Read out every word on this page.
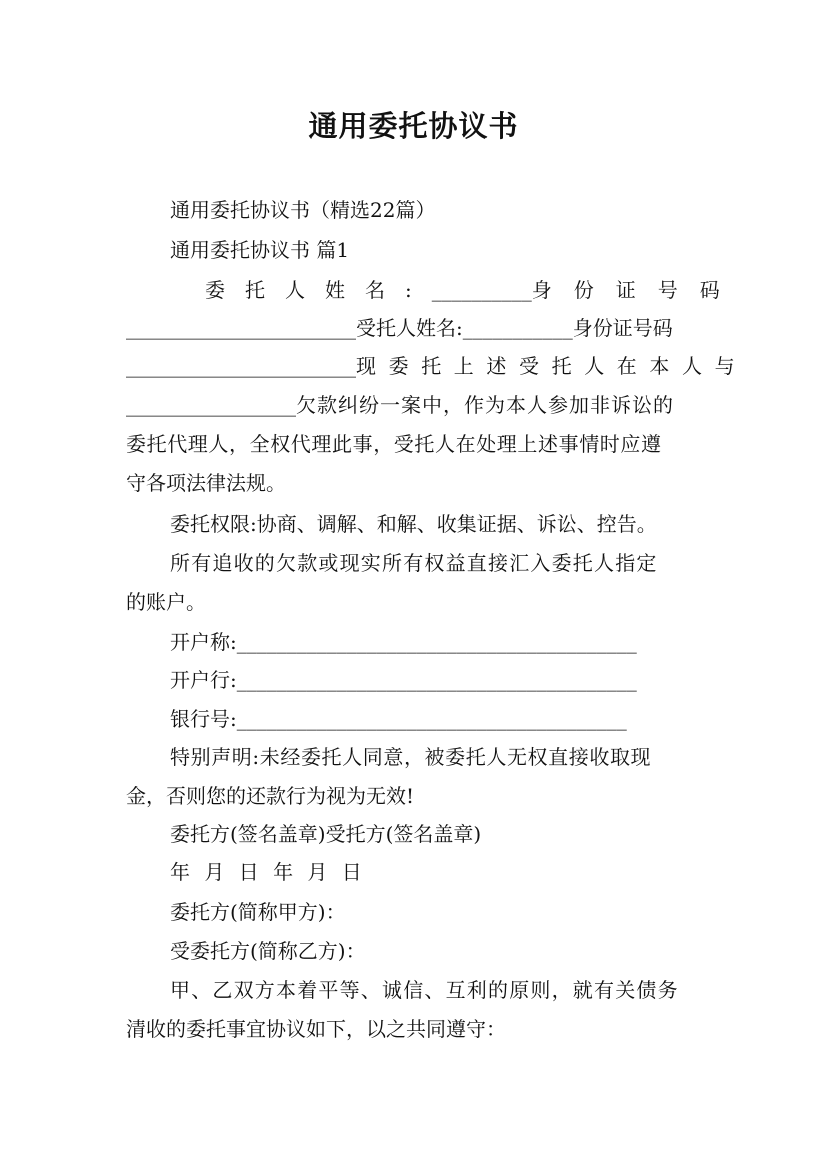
通用委托协议书
通用委托协议书（精选22篇）
通用委托协议书 篇1
委托人姓名: __________ 身份证号码
_______________________受托人姓名:___________身份证号码
_______________________ 现委托上述受托人在本人与
_________________欠款纠纷一案中，作为本人参加非诉讼的
委托代理人，全权代理此事，受托人在处理上述事情时应遵
守各项法律法规。
委托权限:协商、调解、和解、收集证据、诉讼、控告。
所有追收的欠款或现实所有权益直接汇入委托人指定
的账户。
开户称:________________________________________
开户行:________________________________________
银行号:_______________________________________
特别声明:未经委托人同意，被委托人无权直接收取现
金，否则您的还款行为视为无效!
委托方(签名盖章)受托方(签名盖章)
年 月 日 年 月 日
委托方(简称甲方)：
受委托方(简称乙方)：
甲、乙双方本着平等、诚信、互利的原则，就有关债务
清收的委托事宜协议如下，以之共同遵守：
